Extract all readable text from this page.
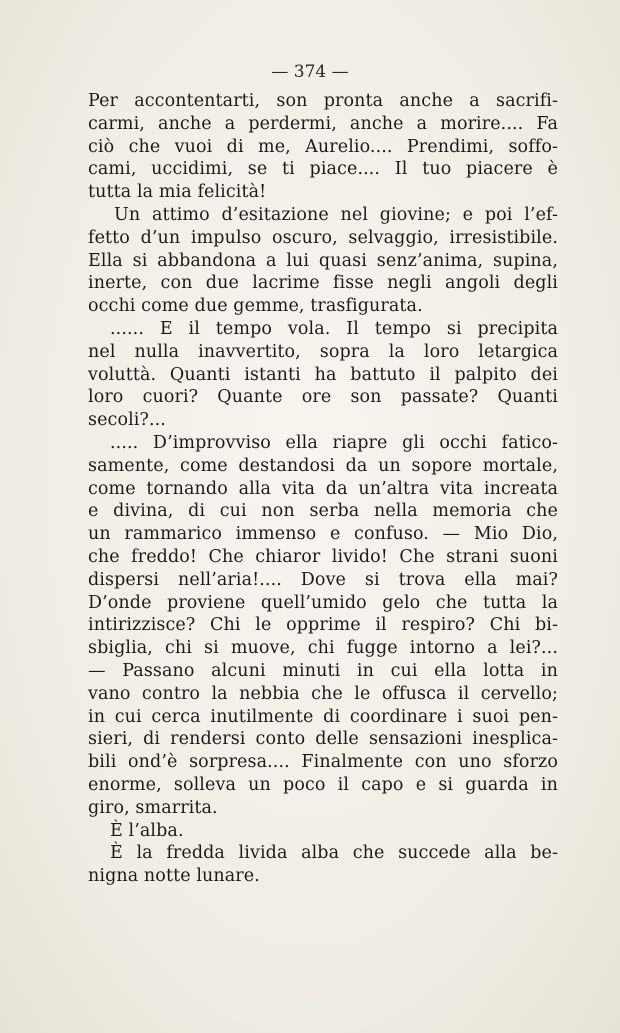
— 374 —
Per accontentarti, son pronta anche a sacrifi-
carmi, anche a perdermi, anche a morire.... Fa
ciò che vuoi di me, Aurelio.... Prendimi, soffo-
cami, uccidimi, se ti piace.... Il tuo piacere è
tutta la mia felicità!
Un attimo d’esitazione nel giovine; e poi l’ef-
fetto d’un impulso oscuro, selvaggio, irresistibile.
Ella si abbandona a lui quasi senz’anima, supina,
inerte, con due lacrime fisse negli angoli degli
occhi come due gemme, trasfigurata.
...... E il tempo vola. Il tempo si precipita
nel nulla inavvertito, sopra la loro letargica
voluttà. Quanti istanti ha battuto il palpito dei
loro cuori? Quante ore son passate? Quanti
secoli?...
..... D’improvviso ella riapre gli occhi fatico-
samente, come destandosi da un sopore mortale,
come tornando alla vita da un’altra vita increata
e divina, di cui non serba nella memoria che
un rammarico immenso e confuso. — Mio Dio,
che freddo! Che chiaror livido! Che strani suoni
dispersi nell’aria!.... Dove si trova ella mai?
D’onde proviene quell’umido gelo che tutta la
intirizzisce? Chi le opprime il respiro? Chi bi-
sbiglia, chi si muove, chi fugge intorno a lei?...
— Passano alcuni minuti in cui ella lotta in
vano contro la nebbia che le offusca il cervello;
in cui cerca inutilmente di coordinare i suoi pen-
sieri, di rendersi conto delle sensazioni inesplica-
bili ond’è sorpresa.... Finalmente con uno sforzo
enorme, solleva un poco il capo e si guarda in
giro, smarrita.
È l’alba.
È la fredda livida alba che succede alla be-
nigna notte lunare.
